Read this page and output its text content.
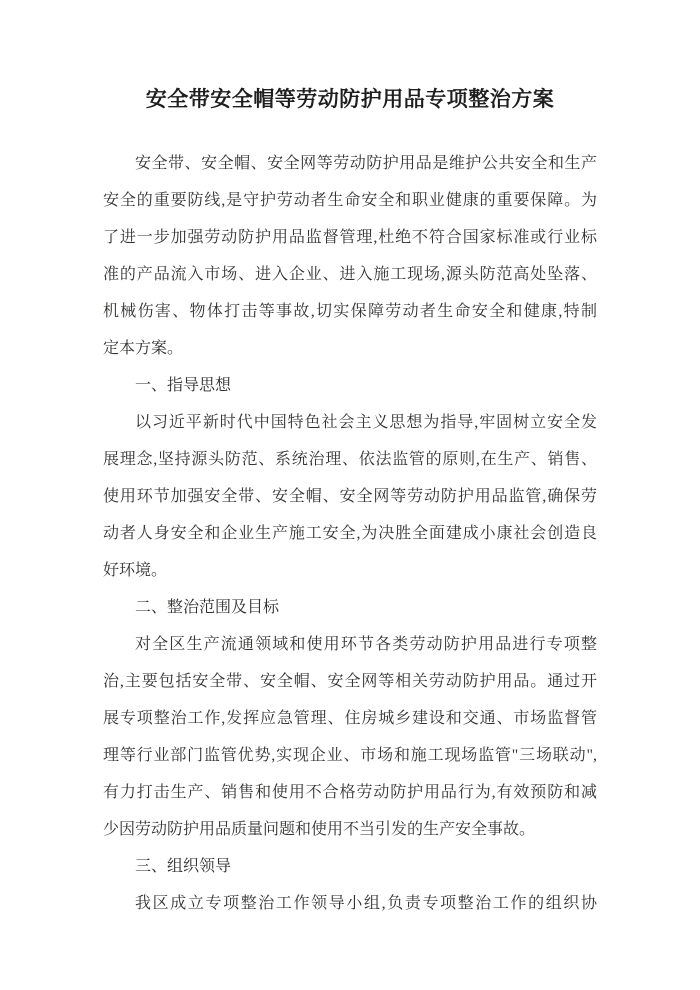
安全带安全帽等劳动防护用品专项整治方案
安全带、安全帽、安全网等劳动防护用品是维护公共安全和生产
安全的重要防线,是守护劳动者生命安全和职业健康的重要保障。为
了进一步加强劳动防护用品监督管理,杜绝不符合国家标准或行业标
准的产品流入市场、进入企业、进入施工现场,源头防范高处坠落、
机械伤害、物体打击等事故,切实保障劳动者生命安全和健康,特制
定本方案。
一、指导思想
以习近平新时代中国特色社会主义思想为指导,牢固树立安全发
展理念,坚持源头防范、系统治理、依法监管的原则,在生产、销售、
使用环节加强安全带、安全帽、安全网等劳动防护用品监管,确保劳
动者人身安全和企业生产施工安全,为决胜全面建成小康社会创造良
好环境。
二、整治范围及目标
对全区生产流通领域和使用环节各类劳动防护用品进行专项整
治,主要包括安全带、安全帽、安全网等相关劳动防护用品。通过开
展专项整治工作,发挥应急管理、住房城乡建设和交通、市场监督管
理等行业部门监管优势,实现企业、市场和施工现场监管"三场联动",
有力打击生产、销售和使用不合格劳动防护用品行为,有效预防和减
少因劳动防护用品质量问题和使用不当引发的生产安全事故。
三、组织领导
我区成立专项整治工作领导小组,负责专项整治工作的组织协
